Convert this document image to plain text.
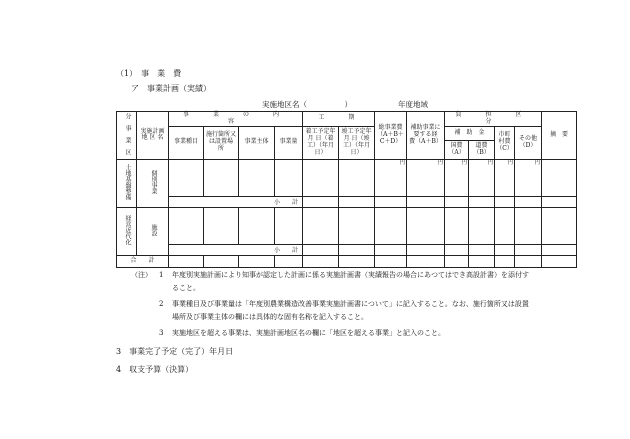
（1）　事　業　費
ア　事業計画（実績）
実施地区名（　　　　　）	年度地域
分　事　業　区	実施計画地 区 名	事　業　の　内　容				工　　期		総事業費（A＋B＋C＋D）	補助事業に要する経　費（A＋B）	負　担　区　分				摘　要
		事業種目	施行箇所又は設置場　所	事業主体	事業量	着工予定年 月 日（着　工）（年月日）	竣工予定年 月 日（竣　工）（年月日）			補　助　金		市町村費（C）	その他（D）	
										国費（A）	道費（B）			
土地基盤整備	個別事業							円	円	円	円	円	円	
		小　　計												
経営近代化	施設													
		小　　計												
合　　計														
（注） 1 年度別実施計画により知事が認定した計画に係る実施計画書（実績報告の場合にあつてはでき高設計書）を添付す
ること。
2 事業種目及び事業量は「年度別農業構造改善事業実施計画書について」に記入すること。なお、施行箇所又は設置
場所及び事業主体の欄には具体的な固有名称を記入すること。
3 実施地区を超える事業は、実施計画地区名の欄に「地区を超える事業」と記入のこと。
3　事業完了予定（完了）年月日
4　収支予算（決算）
